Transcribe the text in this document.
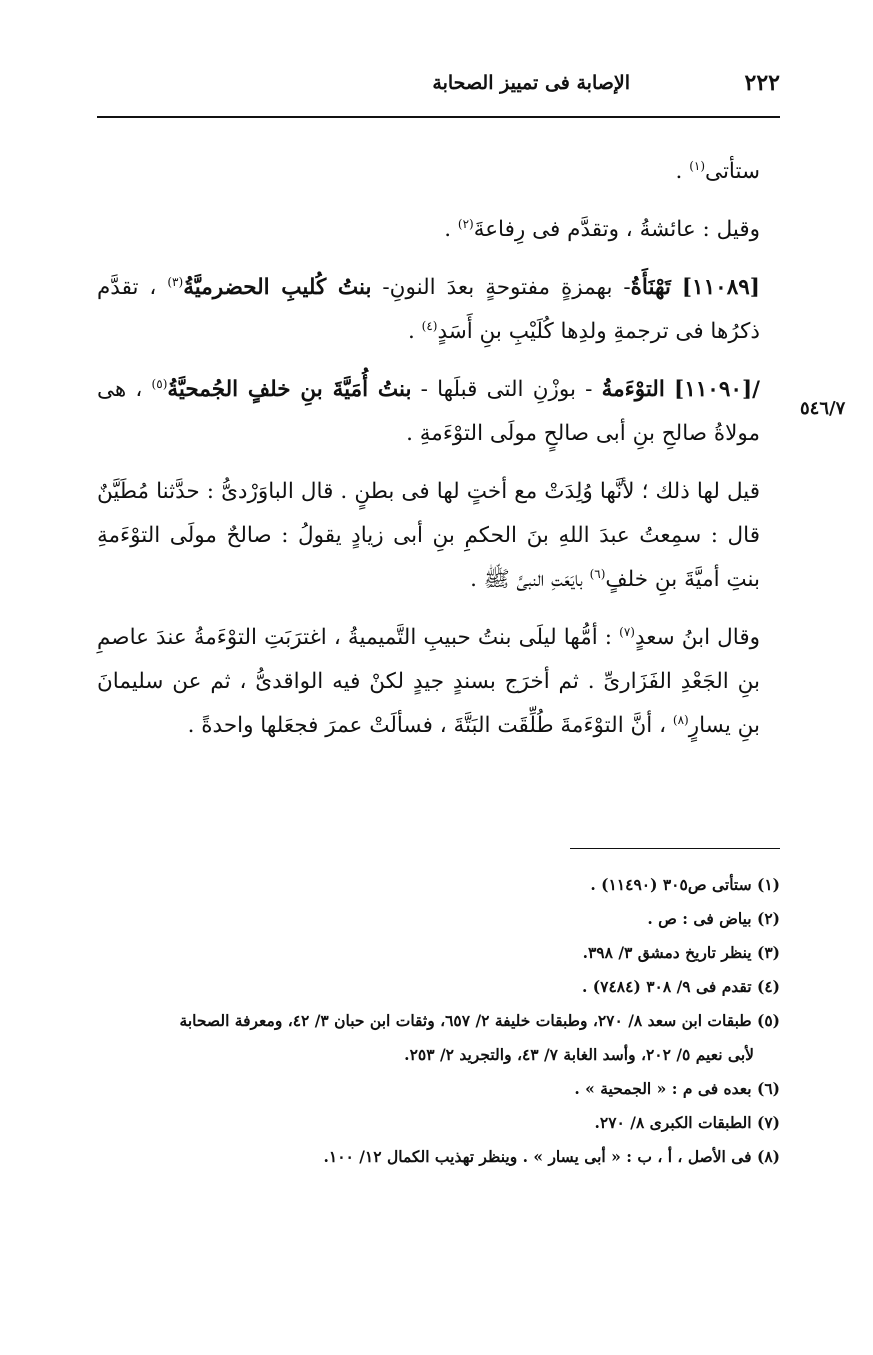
٢٢٢
الإصابة فى تمييز الصحابة
٥٤٦/٧

ستأتى$^{(١)}$ .

وقيل : عائشةُ ، وتقدَّم فى رِفاعةَ$^{(٢)}$ .

[١١٠٨٩] تَهْنَأَةُ- بهمزةٍ مفتوحةٍ بعدَ النونِ- بنتُ كُليبِ الحضرميَّةُ$^{(٣)}$ ، تقدَّم ذكرُها فى ترجمةِ ولدِها كُلَيْبِ بنِ أَسَدٍ$^{(٤)}$ .

/[١١٠٩٠] التوْءَمةُ - بوزْنِ التى قبلَها - بنتُ أُمَيَّةَ بنِ خلفٍ الجُمحيَّةُ$^{(٥)}$ ، هى مولاةُ صالحِ بنِ أبى صالحٍ مولَى التوْءَمةِ .

قيل لها ذلك ؛ لأنَّها وُلِدَتْ مع أختٍ لها فى بطنٍ . قال الباوَرْدىُّ : حدَّثنا مُطَيَّنٌ قال : سمِعتُ عبدَ اللهِ بنَ الحكمِ بنِ أبى زيادٍ يقولُ : صالحٌ مولَى التوْءَمةِ بنتِ أميَّةَ بنِ خلفٍ$^{(٦)}$ بايَعَتِ النبىَّ ﷺ .

وقال ابنُ سعدٍ$^{(٧)}$ : أمُّها ليلَى بنتُ حبيبِ التَّميميةُ ، اغترَبَتِ التوْءَمةُ عندَ عاصمِ بنِ الجَعْدِ الفَزَارىِّ . ثم أخرَج بسندٍ جيدٍ لكنْ فيه الواقدىُّ ، ثم عن سليمانَ بنِ يسارٍ$^{(٨)}$ ، أنَّ التوْءَمةَ طُلِّقَت البَتَّةَ ، فسألَتْ عمرَ فجعَلها واحدةً .

(١) ستأتى ص٣٠٥ (١١٤٩٠) .

(٢) بياض فى : ص .

(٣) ينظر تاريخ دمشق ٣/ ٣٩٨.

(٤) تقدم فى ٩/ ٣٠٨ (٧٤٨٤) .

(٥) طبقات ابن سعد ٨/ ٢٧٠، وطبقات خليفة ٢/ ٦٥٧، وثقات ابن حبان ٣/ ٤٢، ومعرفة الصحابة

لأبى نعيم ٥/ ٢٠٢، وأسد الغابة ٧/ ٤٣، والتجريد ٢/ ٢٥٣.

(٦) بعده فى م : « الجمحية » .

(٧) الطبقات الكبرى ٨/ ٢٧٠.

(٨) فى الأصل ، أ ، ب : « أبى يسار » . وينظر تهذيب الكمال ١٢/ ١٠٠.
